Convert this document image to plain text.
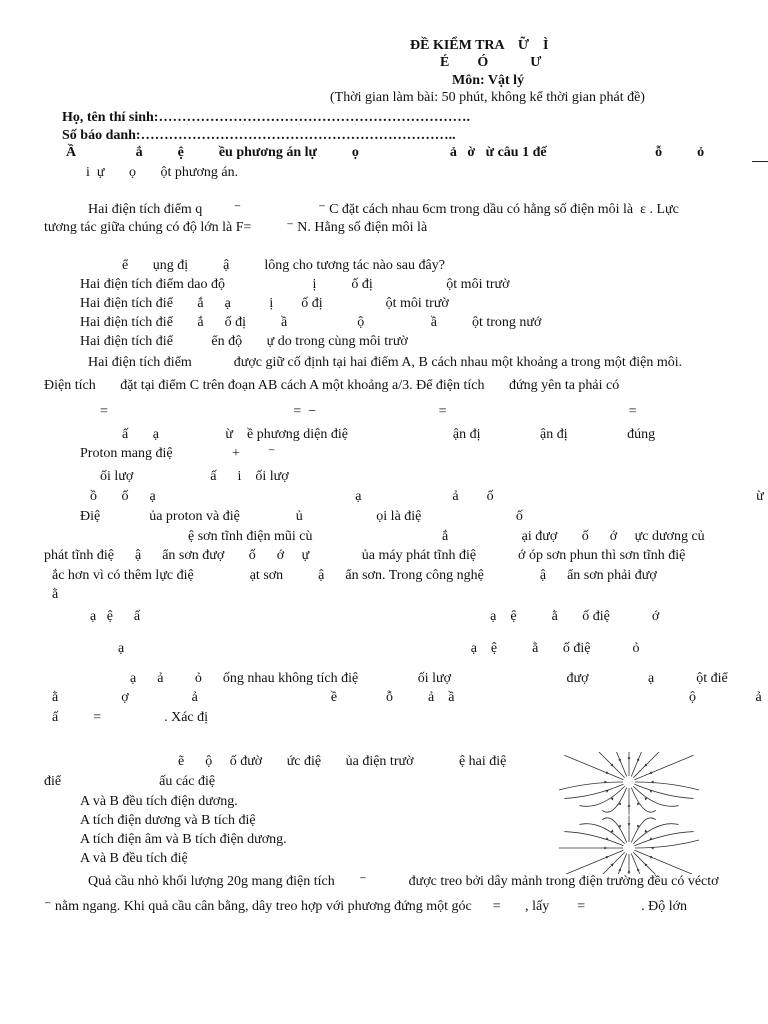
ĐỀ KIỂM TRA    Ữ    Ì
É        Ó            Ư
Môn: Vật lý
(Thời gian làm bài: 50 phút, không kể thời gian phát đề)
Họ, tên thí sinh:………………………………………………………….
Số báo danh:…………………………………………………………..
Ầ                 ắ          ệ          ều phương án lự          ọ                          ả   ờ   ừ câu 1 đế                               ỗ          ỏ
i  ự       ọ       ột phương án.
Hai điện tích điểm q         ⁻                      ⁻ C đặt cách nhau 6cm trong dầu có hằng số điện môi là  ε . Lực
tương tác giữa chúng có độ lớn là F=          ⁻ N. Hằng số điện môi là
ể       ụng đị          ậ          lông cho tương tác nào sau đây?
Hai điện tích điểm dao độ                         ị          ố đị                     ột môi trườ
Hai điện tích điể       ắ      ạ           ị        ố đị                  ột môi trườ
Hai điện tích điể       ắ      ố đị          ầ                    ộ                   ầ          ột trong nướ
Hai điện tích điể           ển độ       ự do trong cùng môi trườ
Hai điện tích điểm            được giữ cố định tại hai điểm A, B cách nhau một khoảng a trong một điện môi.
Điện tích       đặt tại điểm C trên đoạn AB cách A một khoảng a/3. Để điện tích       đứng yên ta phải có
=                                                     =  −                                   =                                                    =
ấ       ạ                   ừ    ề phương diện điệ                              ận đị                 ận đị                 đúng
Proton mang điệ                 +        ⁻
ối lượ                      ấ      i    ối lượ
ồ       ố      ạ                                                         ạ                          ả        ố                                                                           ừ
Điệ              ủa proton và điệ                ủ                     ọi là điệ                           ố
ệ sơn tĩnh điện mũi cù                                     ắ                     ại đượ       ố      ớ     ực dương củ
phát tĩnh điệ      ậ      ẩn sơn đượ       ố      ớ     ự               ủa máy phát tĩnh điệ            ớ óp sơn phun thì sơn tĩnh điệ
ắc hơn vì có thêm lực điệ                ạt sơn          ậ      ẩn sơn. Trong công nghệ                ậ      ẩn sơn phải đượ
ằ
ạ   ệ      ấ                                                                                                    ạ    ệ          ằ       ố điệ            ớ
ạ                                                                                                   ạ    ệ          ằ       ố điệ            ỏ
ạ      ả         ỏ      ống nhau không tích điệ                 ối lượ                                 đượ                 ạ            ột điể
ằ                  ợ                  ả                                      ề              ỗ          ả    ầ                                                                   ộ                 ả
ấ          =                  . Xác đị
ẽ      ộ     ố đườ       ức điệ       ủa điện trườ             ệ hai điệ
điể                            ấu các điệ
A và B đều tích điện dương.
A tích điện dương và B tích điệ
A tích điện âm và B tích điện dương.
A và B đều tích điệ
Quả cầu nhỏ khối lượng 20g mang điện tích       ⁻            được treo bởi dây mảnh trong điện trường đều có véctơ
⁻ nằm ngang. Khi quả cầu cân bằng, dây treo hợp với phương đứng một góc      =       , lấy        =                . Độ lớn
